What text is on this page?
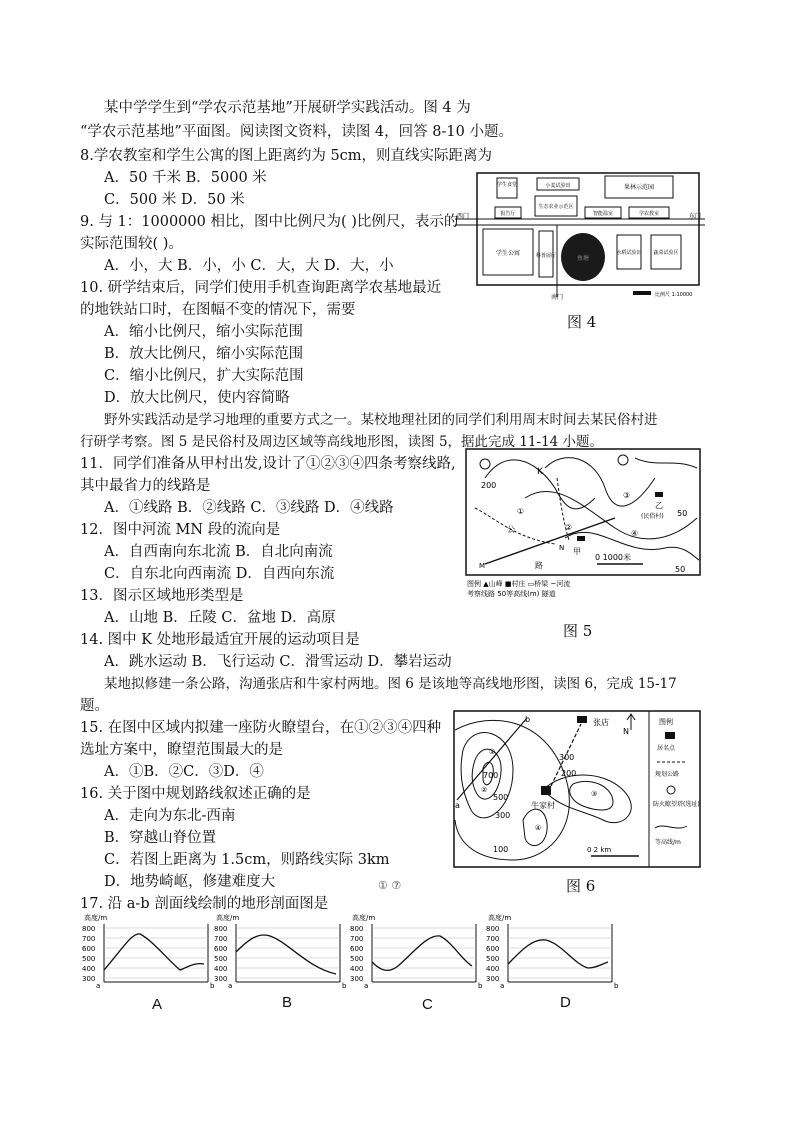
某中学学生到“学农示范基地”开展研学实践活动。图 4 为
“学农示范基地”平面图。阅读图文资料，读图 4，回答 8-10 小题。
8.学农教室和学生公寓的图上距离约为 5cm，则直线实际距离为
A．50 千米 B．5000 米
C．500 米 D．50 米
9. 与 1：1000000 相比，图中比例尺为( )比例尺，表示的
实际范围较( )。
A．小，大 B．小，小 C．大，大 D．大，小
10. 研学结束后，同学们使用手机查询距离学农基地最近
的地铁站口时，在图幅不变的情况下，需要
A．缩小比例尺，缩小实际范围
B．放大比例尺，缩小实际范围
C．缩小比例尺，扩大实际范围
D．放大比例尺，使内容简略
野外实践活动是学习地理的重要方式之一。某校地理社团的同学们利用周末时间去某民俗村进
行研学考察。图 5 是民俗村及周边区域等高线地形图，读图 5，据此完成 11-14 小题。
11．同学们准备从甲村出发,设计了①②③④四条考察线路,
其中最省力的线路是
A．①线路 B．②线路 C．③线路 D．④线路
12．图中河流 MN 段的流向是
A．自西南向东北流 B．自北向南流
C．自东北向西南流 D．自西向东流
13．图示区域地形类型是
A．山地 B．丘陵 C．盆地 D．高原
14. 图中 K 处地形最适宜开展的运动项目是
A．跳水运动 B．飞行运动 C．滑雪运动 D．攀岩运动
某地拟修建一条公路，沟通张店和牛家村两地。图 6 是该地等高线地形图，读图 6，完成 15-17
题。
15. 在图中区域内拟建一座防火瞭望台，在①②③④四种
选址方案中，瞭望范围最大的是
A．①B．②C．③D．④
16. 关于图中规划路线叙述正确的是
A．走向为东北-西南
B．穿越山脊位置
C．若图上距离为 1.5cm，则路线实际 3km
D．地势崎岖，修建难度大	① ⑦
17. 沿 a-b 剖面线绘制的地形剖面图是
学生食堂	小麦试验田	果林示范园
报告厅
生态农业示范区
智能温室	学农教室
学生公寓	科普展厅	鱼塘
水稻试验田 蔬菜试验区
西门	东门
南门	比例尺 1:10000
图 4
200
50
50
K
甲
乙
(民俗村)
公
路
N
M
①
②
③
④
0 1000米
图例 ▲山峰 ■村庄 ▭桥梁 ~河流
考察线路 50等高线(m) 隧道
图 5
张店
牛家村
N
700
500
300
100
300
200
a
b
①
②	③
④
0 2 km
图例
居名点
规划公路
防火瞭望塔(选址)
等高线/m
图 6
高度/m
800
700
600
500
400
300
a	b
高度/m
800
700
600
500
400
300
a	b
高度/m
800
700
600
500
400
300
a	b
高度/m
800
700
600
500
400
300
a	b
A	B	C	D
